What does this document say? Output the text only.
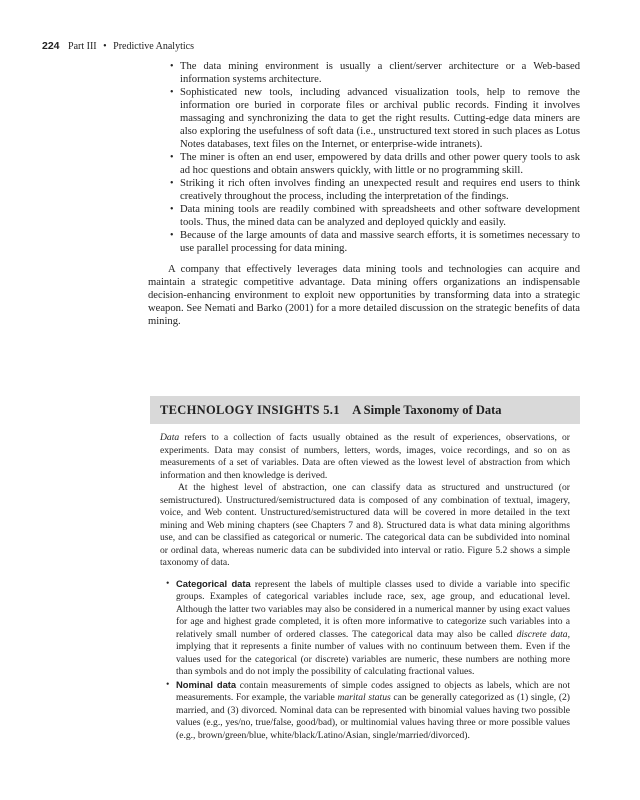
224 Part III • Predictive Analytics
• The data mining environment is usually a client/server architecture or a Web-based information systems architecture.
• Sophisticated new tools, including advanced visualization tools, help to remove the information ore buried in corporate files or archival public records. Finding it involves massaging and synchronizing the data to get the right results. Cutting-edge data miners are also exploring the usefulness of soft data (i.e., unstructured text stored in such places as Lotus Notes databases, text files on the Internet, or enterprise-wide intranets).
• The miner is often an end user, empowered by data drills and other power query tools to ask ad hoc questions and obtain answers quickly, with little or no programming skill.
• Striking it rich often involves finding an unexpected result and requires end users to think creatively throughout the process, including the interpretation of the findings.
• Data mining tools are readily combined with spreadsheets and other software development tools. Thus, the mined data can be analyzed and deployed quickly and easily.
• Because of the large amounts of data and massive search efforts, it is sometimes necessary to use parallel processing for data mining.

A company that effectively leverages data mining tools and technologies can acquire and maintain a strategic competitive advantage. Data mining offers organizations an indispensable decision-enhancing environment to exploit new opportunities by transforming data into a strategic weapon. See Nemati and Barko (2001) for a more detailed discussion on the strategic benefits of data mining.

TECHNOLOGY INSIGHTS 5.1 A Simple Taxonomy of Data

Data refers to a collection of facts usually obtained as the result of experiences, observations, or experiments. Data may consist of numbers, letters, words, images, voice recordings, and so on as measurements of a set of variables. Data are often viewed as the lowest level of abstraction from which information and then knowledge is derived.

At the highest level of abstraction, one can classify data as structured and unstructured (or semistructured). Unstructured/semistructured data is composed of any combination of textual, imagery, voice, and Web content. Unstructured/semistructured data will be covered in more detailed in the text mining and Web mining chapters (see Chapters 7 and 8). Structured data is what data mining algorithms use, and can be classified as categorical or numeric. The categorical data can be subdivided into nominal or ordinal data, whereas numeric data can be subdivided into interval or ratio. Figure 5.2 shows a simple taxonomy of data.

• Categorical data represent the labels of multiple classes used to divide a variable into specific groups. Examples of categorical variables include race, sex, age group, and educational level. Although the latter two variables may also be considered in a numerical manner by using exact values for age and highest grade completed, it is often more informative to categorize such variables into a relatively small number of ordered classes. The categorical data may also be called discrete data, implying that it represents a finite number of values with no continuum between them. Even if the values used for the categorical (or discrete) variables are numeric, these numbers are nothing more than symbols and do not imply the possibility of calculating fractional values.
• Nominal data contain measurements of simple codes assigned to objects as labels, which are not measurements. For example, the variable marital status can be generally categorized as (1) single, (2) married, and (3) divorced. Nominal data can be represented with binomial values having two possible values (e.g., yes/no, true/false, good/bad), or multinomial values having three or more possible values (e.g., brown/green/blue, white/black/Latino/Asian, single/married/divorced).
